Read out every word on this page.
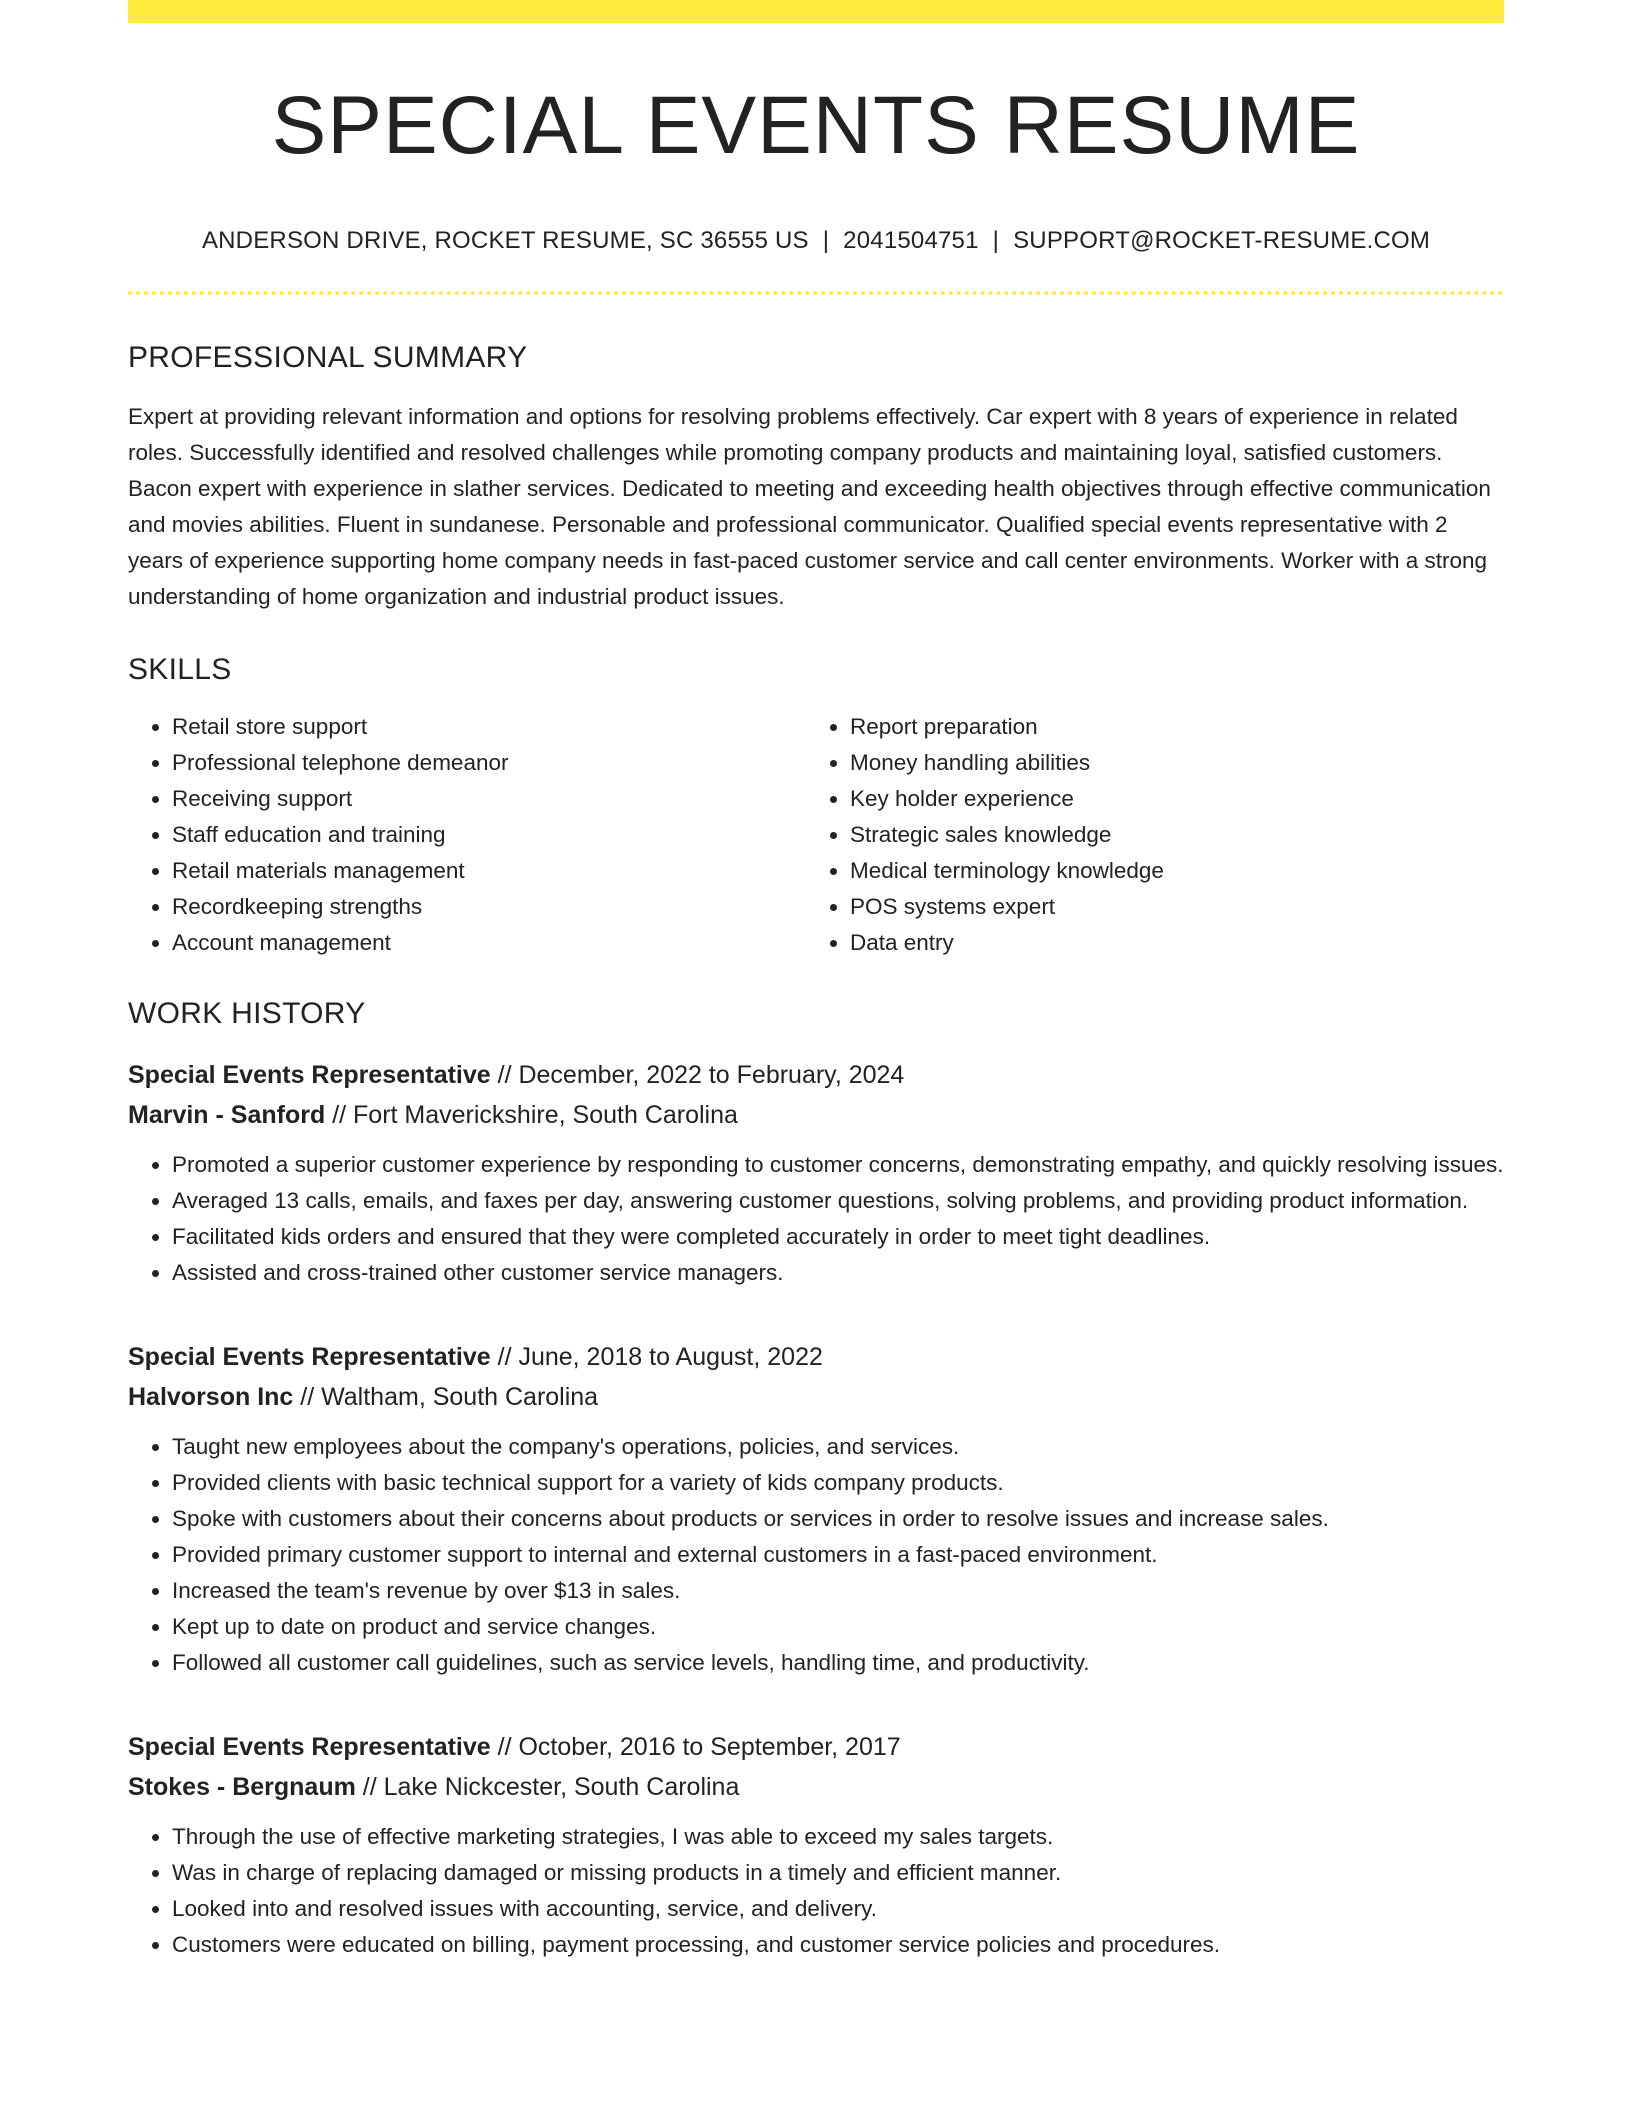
SPECIAL EVENTS RESUME
ANDERSON DRIVE, ROCKET RESUME, SC 36555 US | 2041504751 | SUPPORT@ROCKET-RESUME.COM
PROFESSIONAL SUMMARY

Expert at providing relevant information and options for resolving problems effectively. Car expert with 8 years of experience in related roles. Successfully identified and resolved challenges while promoting company products and maintaining loyal, satisfied customers. Bacon expert with experience in slather services. Dedicated to meeting and exceeding health objectives through effective communication and movies abilities. Fluent in sundanese. Personable and professional communicator. Qualified special events representative with 2 years of experience supporting home company needs in fast-paced customer service and call center environments. Worker with a strong understanding of home organization and industrial product issues.

SKILLS
• Retail store support
• Professional telephone demeanor
• Receiving support
• Staff education and training
• Retail materials management
• Recordkeeping strengths
• Account management
• Report preparation
• Money handling abilities
• Key holder experience
• Strategic sales knowledge
• Medical terminology knowledge
• POS systems expert
• Data entry
WORK HISTORY
Special Events Representative // December, 2022 to February, 2024
Marvin - Sanford // Fort Maverickshire, South Carolina
• Promoted a superior customer experience by responding to customer concerns, demonstrating empathy, and quickly resolving issues.
• Averaged 13 calls, emails, and faxes per day, answering customer questions, solving problems, and providing product information.
• Facilitated kids orders and ensured that they were completed accurately in order to meet tight deadlines.
• Assisted and cross-trained other customer service managers.
Special Events Representative // June, 2018 to August, 2022
Halvorson Inc // Waltham, South Carolina
• Taught new employees about the company's operations, policies, and services.
• Provided clients with basic technical support for a variety of kids company products.
• Spoke with customers about their concerns about products or services in order to resolve issues and increase sales.
• Provided primary customer support to internal and external customers in a fast-paced environment.
• Increased the team's revenue by over $13 in sales.
• Kept up to date on product and service changes.
• Followed all customer call guidelines, such as service levels, handling time, and productivity.
Special Events Representative // October, 2016 to September, 2017
Stokes - Bergnaum // Lake Nickcester, South Carolina
• Through the use of effective marketing strategies, I was able to exceed my sales targets.
• Was in charge of replacing damaged or missing products in a timely and efficient manner.
• Looked into and resolved issues with accounting, service, and delivery.
• Customers were educated on billing, payment processing, and customer service policies and procedures.
